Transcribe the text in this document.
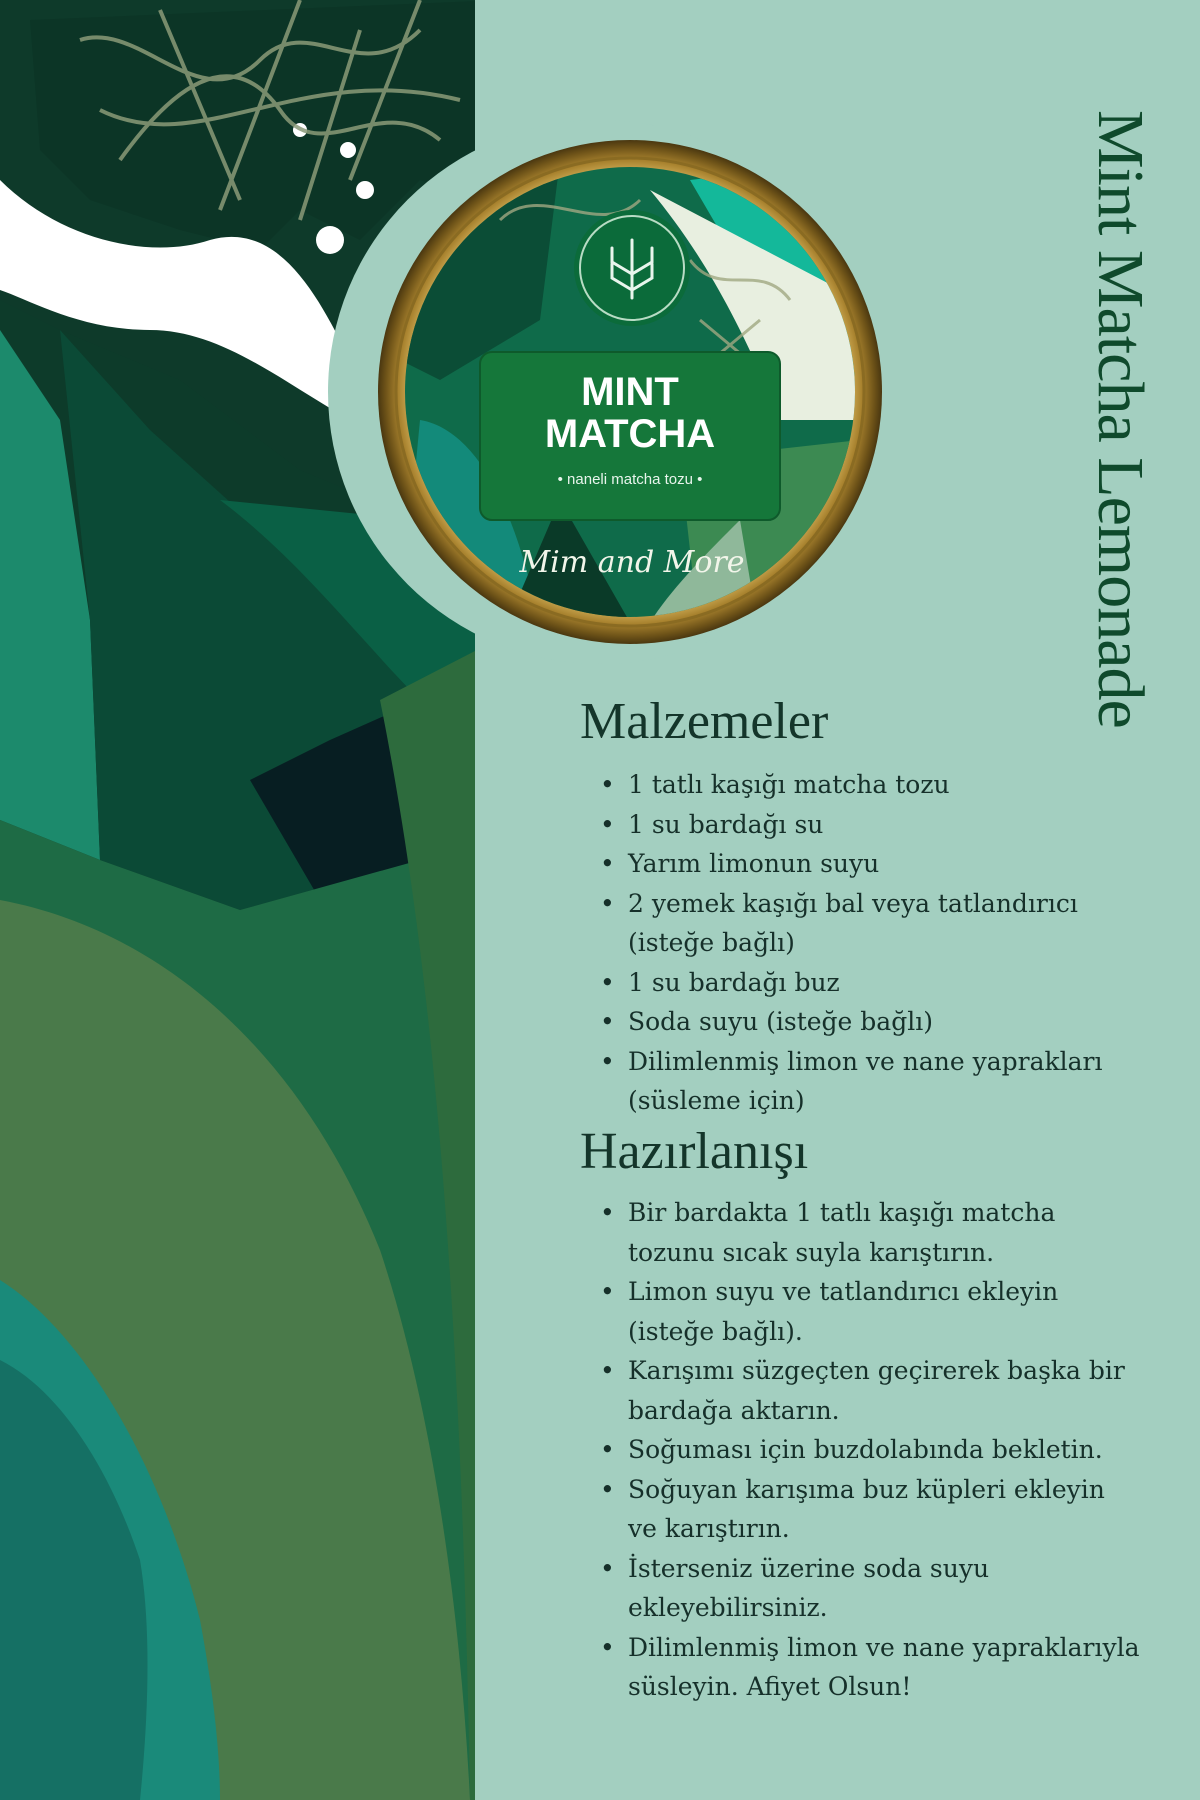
MINT
MATCHA
• naneli matcha tozu •
Mim and More	Mint Matcha Lemonade
Malzemeler
• 1 tatlı kaşığı matcha tozu
• 1 su bardağı su
• Yarım limonun suyu
• 2 yemek kaşığı bal veya tatlandırıcı (isteğe bağlı)
• 1 su bardağı buz
• Soda suyu (isteğe bağlı)
• Dilimlenmiş limon ve nane yaprakları (süsleme için)
Hazırlanışı
• Bir bardakta 1 tatlı kaşığı matcha tozunu sıcak suyla karıştırın.
• Limon suyu ve tatlandırıcı ekleyin (isteğe bağlı).
• Karışımı süzgeçten geçirerek başka bir bardağa aktarın.
• Soğuması için buzdolabında bekletin.
• Soğuyan karışıma buz küpleri ekleyin ve karıştırın.
• İsterseniz üzerine soda suyu ekleyebilirsiniz.
• Dilimlenmiş limon ve nane yapraklarıyla süsleyin. Afiyet Olsun!
